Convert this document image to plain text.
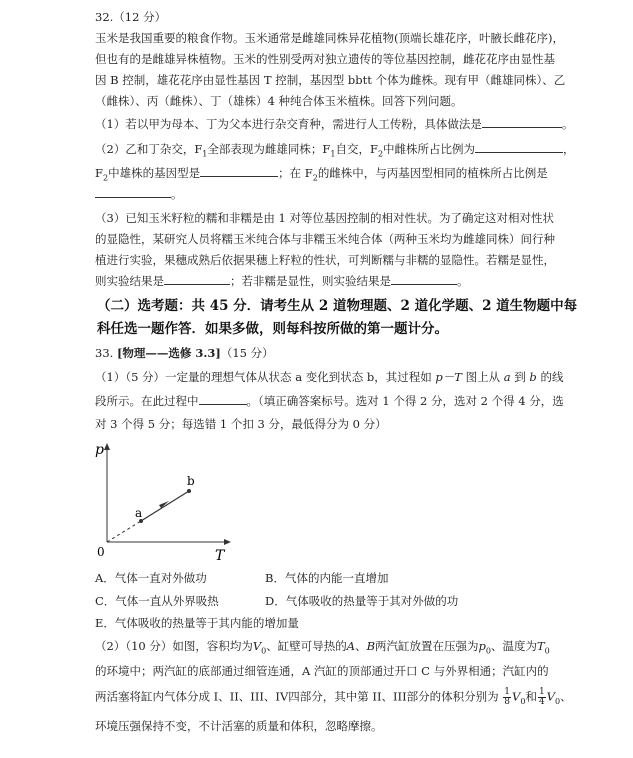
32.（12 分）
玉米是我国重要的粮食作物。玉米通常是雌雄同株异花植物(顶端长雄花序，叶腋长雌花序)，
但也有的是雌雄异株植物。玉米的性别受两对独立遗传的等位基因控制，雌花花序由显性基
因 B 控制，雄花花序由显性基因 T 控制，基因型 bbtt 个体为雌株。现有甲（雌雄同株）、乙
（雌株）、丙（雌株）、丁（雄株）4 种纯合体玉米植株。回答下列问题。
（1）若以甲为母本、丁为父本进行杂交育种，需进行人工传粉，具体做法是	。
（2）乙和丁杂交，$F_1$全部表现为雌雄同株；$F_1$自交，$F_2$中雌株所占比例为	，
$F_2$中雄株的基因型是	；在 $F_2$的雌株中，与丙基因型相同的植株所占比例是
。
（3）已知玉米籽粒的糯和非糯是由 1 对等位基因控制的相对性状。为了确定这对相对性状
的显隐性，某研究人员将糯玉米纯合体与非糯玉米纯合体（两种玉米均为雌雄同株）间行种
植进行实验，果穗成熟后依据果穗上籽粒的性状，可判断糯与非糯的显隐性。若糯是显性，
则实验结果是	；若非糯是显性，则实验结果是	。
（二）选考题：共 45 分．请考生从 2 道物理题、2 道化学题、2 道生物题中每
科任选一题作答．如果多做，则每科按所做的第一题计分。
33. [物理——选修 3.3]（15 分）
（1）（5 分）一定量的理想气体从状态 a 变化到状态 b，其过程如 p－T 图上从 a 到 b 的线
段所示。在此过程中	。（填正确答案标号。选对 1 个得 2 分，选对 2 个得 4 分，选
对 3 个得 5 分；每选错 1 个扣 3 分，最低得分为 0 分）
p
T
0
a
b
A．气体一直对外做功	B．气体的内能一直增加
C．气体一直从外界吸热	D．气体吸收的热量等于其对外做的功
E．气体吸收的热量等于其内能的增加量
（2）（10 分）如图，容积均为$V_0$、缸壁可导热的A、B两汽缸放置在压强为$p_0$、温度为$T_0$
的环境中；两汽缸的底部通过细管连通，A 汽缸的顶部通过开口 C 与外界相通；汽缸内的
两活塞将缸内气体分成 I、II、III、IV四部分，其中第 II、III部分的体积分别为 $\frac{1}{8} V_0$和 $\frac{1}{4} V_0$、
环境压强保持不变，不计活塞的质量和体积，忽略摩擦。
